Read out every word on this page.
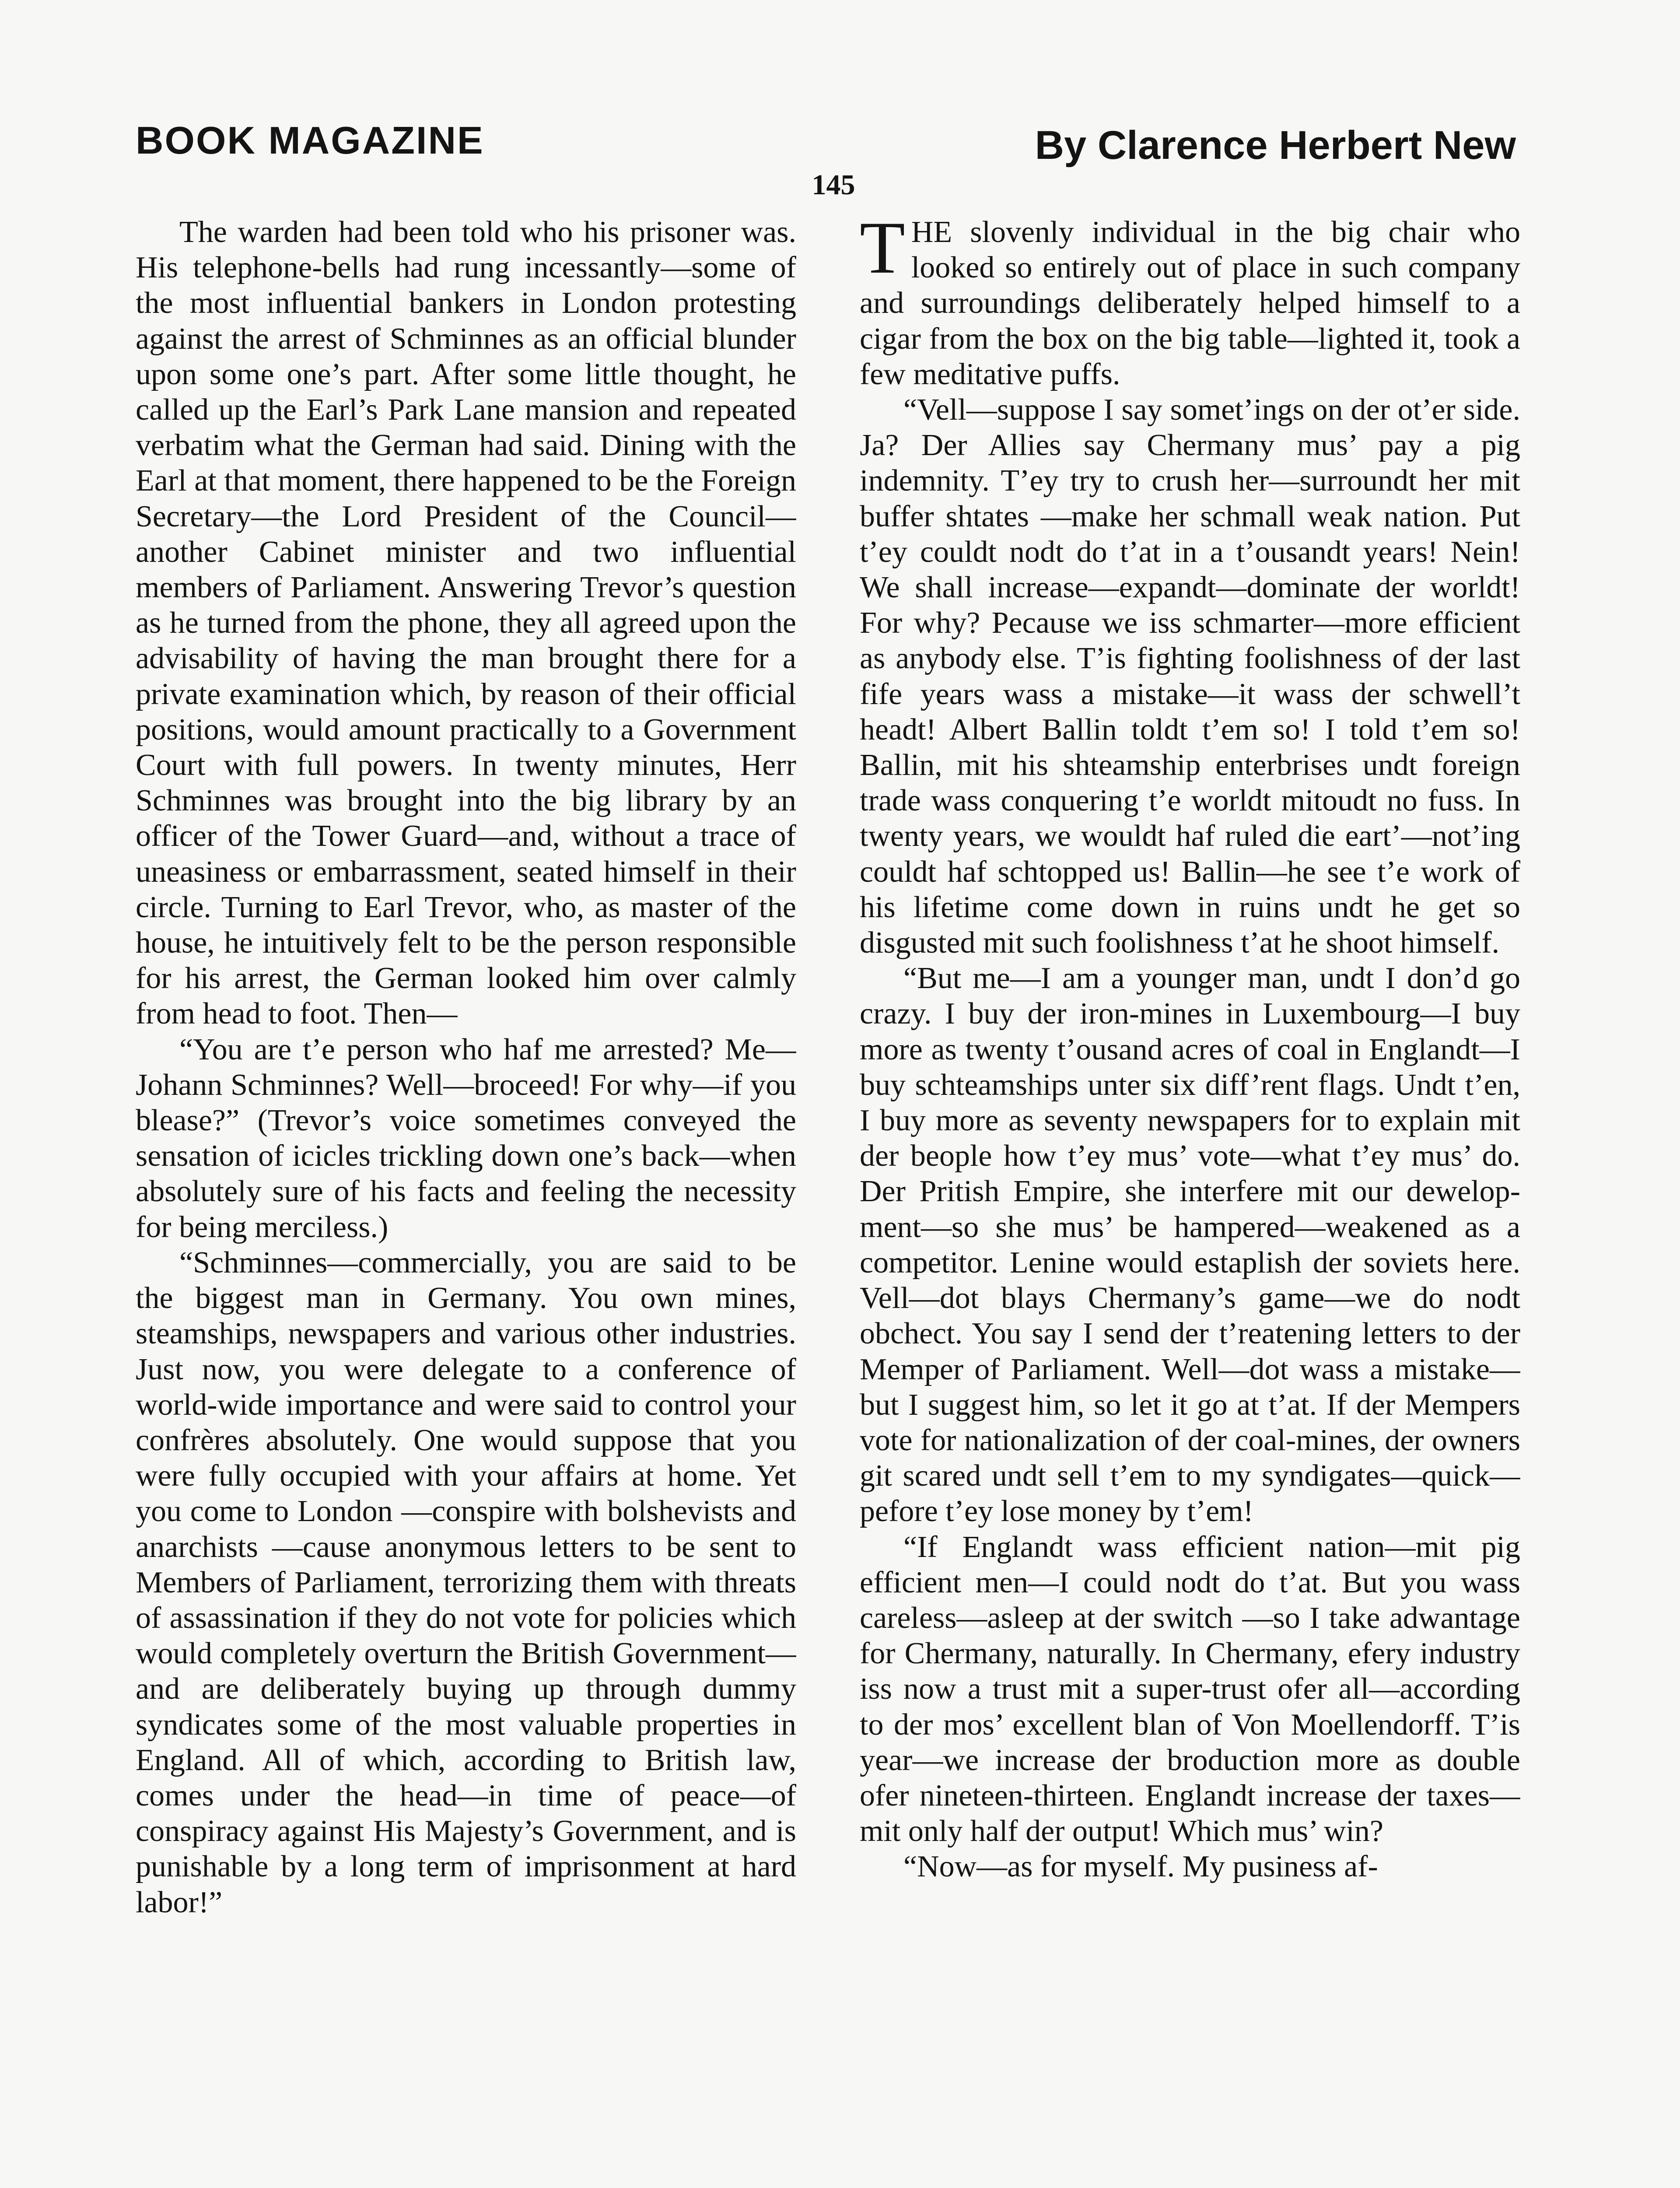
BOOK MAGAZINE	By Clarence Herbert New
145

The warden had been told who his prisoner was. His telephone-bells had rung incessantly—some of the most influential bankers in London protesting against the arrest of Schminnes as an official blunder upon some one’s part. After some little thought, he called up the Earl’s Park Lane mansion and repeated verbatim what the German had said. Dining with the Earl at that moment, there happened to be the Foreign Secretary—the Lord President of the Council—another Cabinet minister and two influential members of Parliament. Answering Trevor’s question as he turned from the phone, they all agreed upon the advisability of having the man brought there for a private examination which, by reason of their official positions, would amount practically to a Government Court with full powers. In twenty minutes, Herr Schminnes was brought into the big library by an officer of the Tower Guard—and, without a trace of uneasiness or embarrassment, seated himself in their circle. Turning to Earl Trevor, who, as master of the house, he intuitively felt to be the person responsible for his arrest, the German looked him over calmly from head to foot. Then—

“You are t’e person who haf me arrested? Me—Johann Schminnes? Well—broceed! For why—if you blease?” (Trevor’s voice sometimes conveyed the sensation of icicles trickling down one’s back—when absolutely sure of his facts and feeling the necessity for being merciless.)

“Schminnes—commercially, you are said to be the biggest man in Germany. You own mines, steamships, newspapers and various other industries. Just now, you were delegate to a conference of world-wide importance and were said to control your confrères absolutely. One would suppose that you were fully occupied with your affairs at home. Yet you come to London —conspire with bolshevists and anarchists —cause anonymous letters to be sent to Members of Parliament, terrorizing them with threats of assassination if they do not vote for policies which would completely overturn the British Government—and are deliberately buying up through dummy syndicates some of the most valuable properties in England. All of which, according to British law, comes under the head—in time of peace—of conspiracy against His Majesty’s Government, and is punishable by a long term of imprisonment at hard labor!”

THE slovenly individual in the big chair who looked so entirely out of place in such company and surroundings deliberately helped himself to a cigar from the box on the big table—lighted it, took a few meditative puffs.

“Vell—suppose I say somet’ings on der ot’er side. Ja? Der Allies say Chermany mus’ pay a pig indemnity. T’ey try to crush her—surroundt her mit buffer shtates —make her schmall weak nation. Put t’ey couldt nodt do t’at in a t’ousandt years! Nein! We shall increase—expandt—dominate der worldt! For why? Pecause we iss schmarter—more efficient as anybody else. T’is fighting foolishness of der last fife years wass a mistake—it wass der schwell’t headt! Albert Ballin toldt t’em so! I told t’em so! Ballin, mit his shteamship enterbrises undt foreign trade wass conquering t’e worldt mitoudt no fuss. In twenty years, we wouldt haf ruled die eart’—not’ing couldt haf schtopped us! Ballin—he see t’e work of his lifetime come down in ruins undt he get so disgusted mit such foolishness t’at he shoot himself.

“But me—I am a younger man, undt I don’d go crazy. I buy der iron-mines in Luxembourg—I buy more as twenty t’ousand acres of coal in Englandt—I buy schteamships unter six diff’rent flags. Undt t’en, I buy more as seventy newspapers for to explain mit der beople how t’ey mus’ vote—what t’ey mus’ do. Der Pritish Empire, she interfere mit our dewelopment—so she mus’ be hampered—weakened as a competitor. Lenine would estaplish der soviets here. Vell—dot blays Chermany’s game—we do nodt obchect. You say I send der t’reatening letters to der Memper of Parliament. Well—dot wass a mistake—but I suggest him, so let it go at t’at. If der Mempers vote for nationalization of der coal-mines, der owners git scared undt sell t’em to my syndigates—quick—pefore t’ey lose money by t’em!

“If Englandt wass efficient nation—mit pig efficient men—I could nodt do t’at. But you wass careless—asleep at der switch —so I take adwantage for Chermany, naturally. In Chermany, efery industry iss now a trust mit a super-trust ofer all—according to der mos’ excellent blan of Von Moellendorff. T’is year—we increase der broduction more as double ofer nineteen-thirteen. Englandt increase der taxes—mit only half der output! Which mus’ win?

“Now—as for myself. My pusiness af-
